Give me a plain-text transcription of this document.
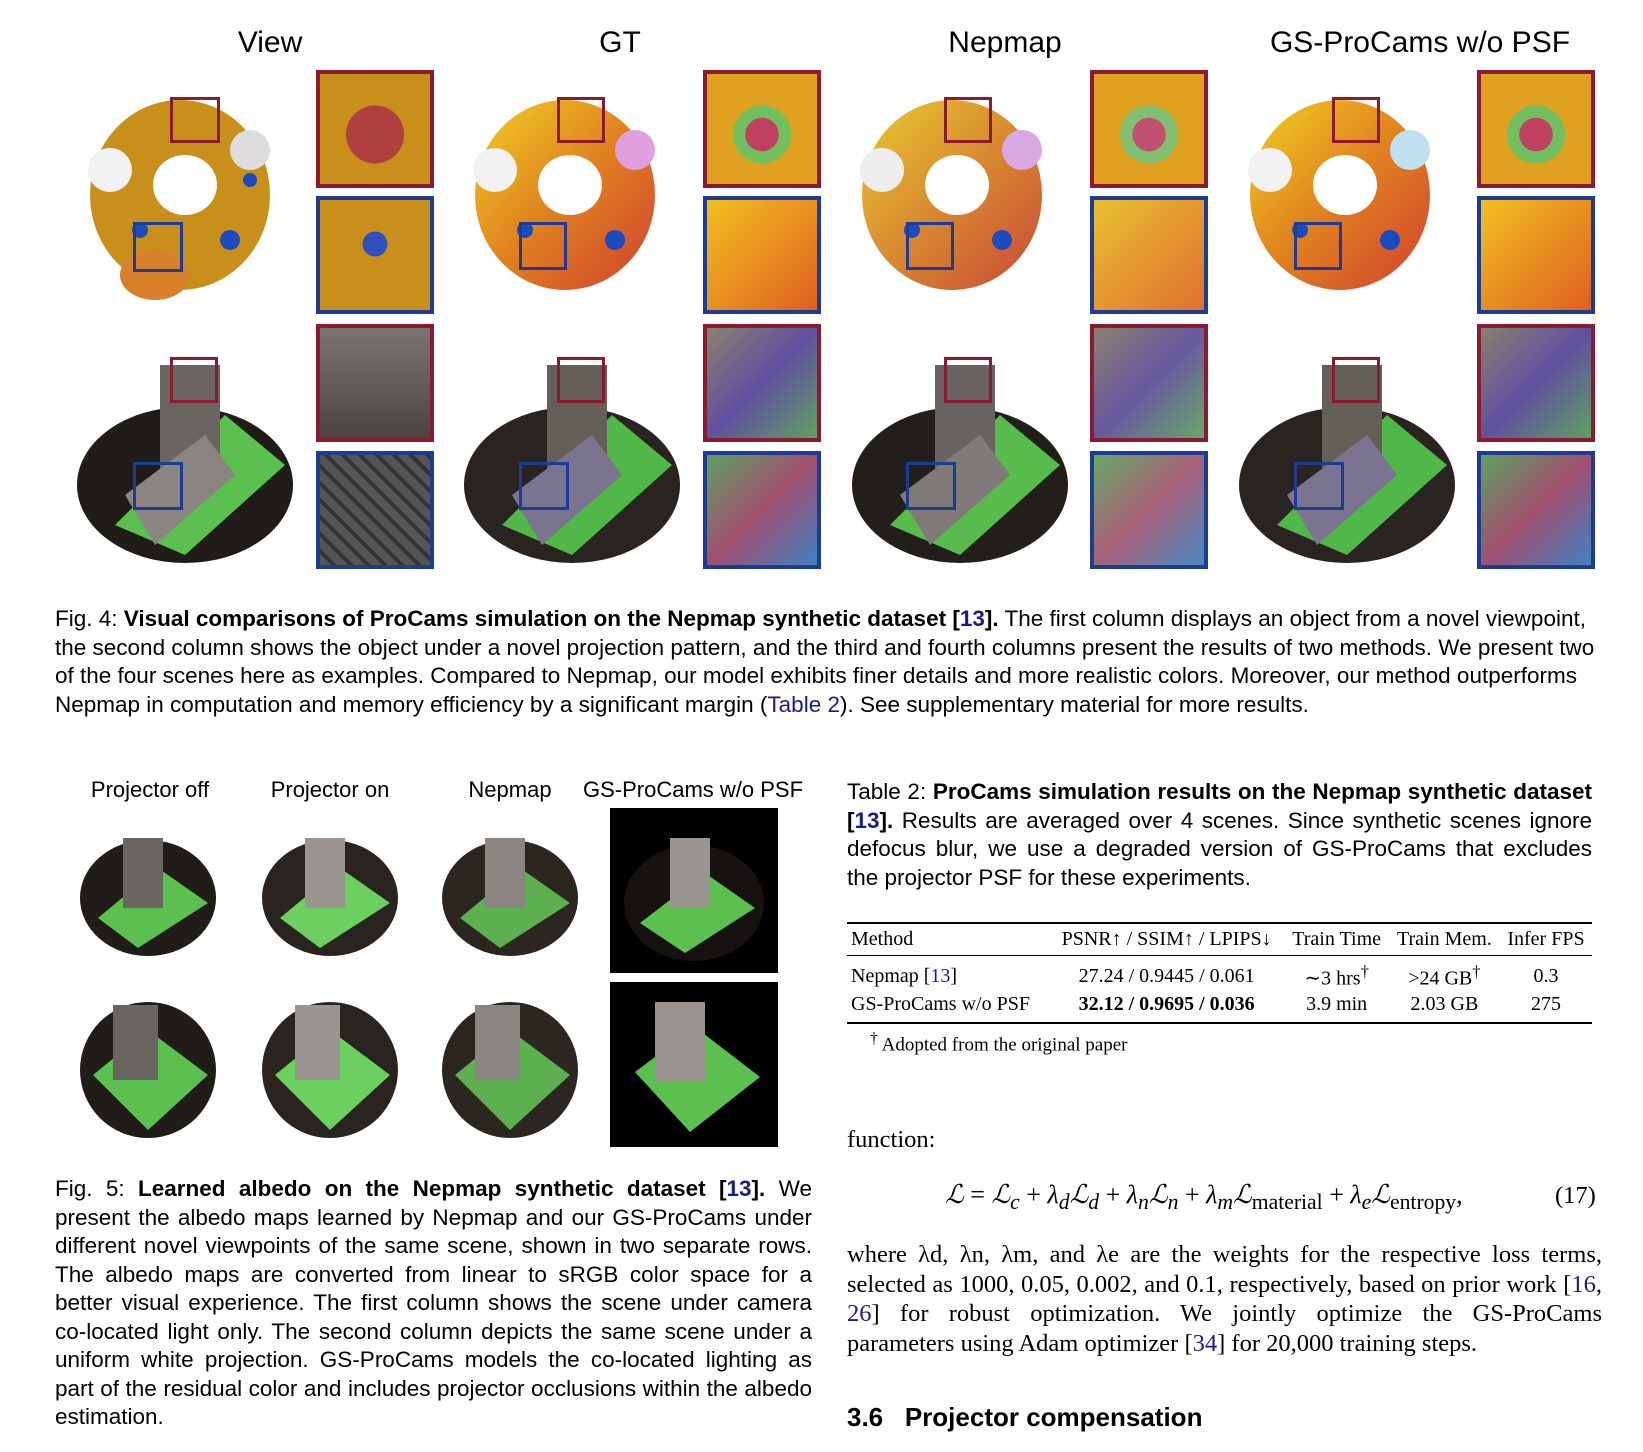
View	GT	Nepmap	GS-ProCams w/o PSF
Fig. 4: Visual comparisons of ProCams simulation on the Nepmap synthetic dataset [13]. The first column displays an object from a novel viewpoint, the second column shows the object under a novel projection pattern, and the third and fourth columns present the results of two methods. We present two of the four scenes here as examples. Compared to Nepmap, our model exhibits finer details and more realistic colors. Moreover, our method outperforms Nepmap in computation and memory efficiency by a significant margin (Table 2). See supplementary material for more results.
Projector off	Projector on	Nepmap	GS-ProCams w/o PSF
Fig. 5: Learned albedo on the Nepmap synthetic dataset [13]. We present the albedo maps learned by Nepmap and our GS-ProCams under different novel viewpoints of the same scene, shown in two separate rows. The albedo maps are converted from linear to sRGB color space for a better visual experience. The first column shows the scene under camera co-located light only. The second column depicts the same scene under a uniform white projection. GS-ProCams models the co-located lighting as part of the residual color and includes projector occlusions within the albedo estimation.
Table 2: ProCams simulation results on the Nepmap synthetic dataset [13]. Results are averaged over 4 scenes. Since synthetic scenes ignore defocus blur, we use a degraded version of GS-ProCams that excludes the projector PSF for these experiments.
Method	PSNR↑ / SSIM↑ / LPIPS↓	Train Time	Train Mem.	Infer FPS
Nepmap [13]	27.24 / 0.9445 / 0.061	∼3 hrs†	>24 GB†	0.3
GS-ProCams w/o PSF	32.12 / 0.9695 / 0.036	3.9 min	2.03 GB	275
† Adopted from the original paper
function:
ℒ = ℒ$_c$ + $\lambda_dℒ_d$ + $\lambda_nℒ_n$ + $\lambda_mℒ_{material}$ + $\lambda_eℒ_{entropy}$,	(17)
where λd, λn, λm, and λe are the weights for the respective loss terms, selected as 1000, 0.05, 0.002, and 0.1, respectively, based on prior work [16, 26] for robust optimization. We jointly optimize the GS-ProCams parameters using Adam optimizer [34] for 20,000 training steps.
3.6 Projector compensation
